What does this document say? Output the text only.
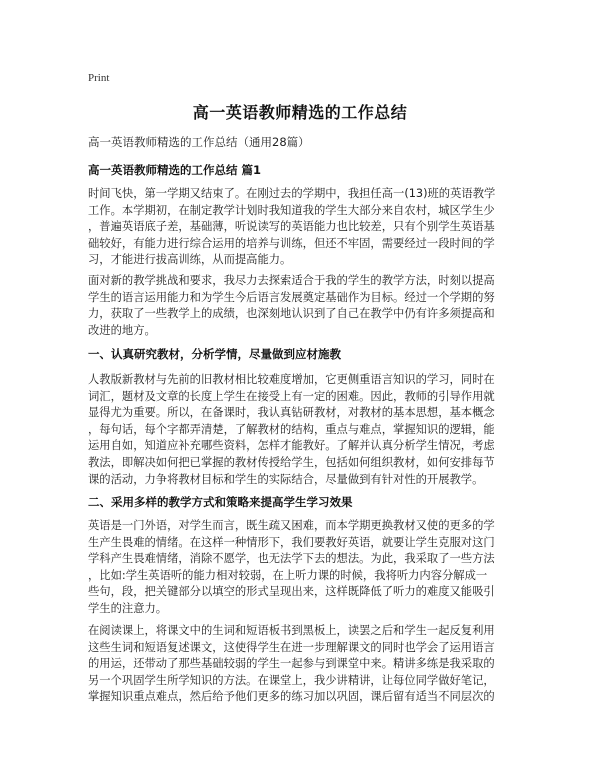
Print
高一英语教师精选的工作总结
高一英语教师精选的工作总结（通用28篇）
高一英语教师精选的工作总结 篇1
时间飞快，第一学期又结束了。在刚过去的学期中，我担任高一(13)班的英语教学
工作。本学期初，在制定教学计划时我知道我的学生大部分来自农村，城区学生少
，普遍英语底子差，基础薄，听说读写的英语能力也比较差，只有个别学生英语基
础较好，有能力进行综合运用的培养与训练，但还不牢固，需要经过一段时间的学
习，才能进行拔高训练，从而提高能力。
面对新的教学挑战和要求，我尽力去探索适合于我的学生的教学方法，时刻以提高
学生的语言运用能力和为学生今后语言发展奠定基础作为目标。经过一个学期的努
力，获取了一些教学上的成绩，也深刻地认识到了自己在教学中仍有许多须提高和
改进的地方。
一、认真研究教材，分析学情，尽量做到应材施教
人教版新教材与先前的旧教材相比较难度增加，它更侧重语言知识的学习，同时在
词汇，题材及文章的长度上学生在接受上有一定的困难。因此，教师的引导作用就
显得尤为重要。所以，在备课时，我认真钻研教材，对教材的基本思想，基本概念
，每句话，每个字都弄清楚，了解教材的结构，重点与难点，掌握知识的逻辑，能
运用自如，知道应补充哪些资料，怎样才能教好。了解并认真分析学生情况，考虑
教法，即解决如何把已掌握的教材传授给学生，包括如何组织教材，如何安排每节
课的活动，力争将教材目标和学生的实际结合，尽量做到有针对性的开展教学。
二、采用多样的教学方式和策略来提高学生学习效果
英语是一门外语，对学生而言，既生疏又困难，而本学期更换教材又使的更多的学
生产生畏难的情绪。在这样一种情形下，我们要教好英语，就要让学生克服对这门
学科产生畏难情绪，消除不愿学，也无法学下去的想法。为此，我采取了一些方法
，比如:学生英语听的能力相对较弱，在上听力课的时候，我将听力内容分解成一
些句，段，把关键部分以填空的形式呈现出来，这样既降低了听力的难度又能吸引
学生的注意力。
在阅读课上，将课文中的生词和短语板书到黑板上，读罢之后和学生一起反复利用
这些生词和短语复述课文，这使得学生在进一步理解课文的同时也学会了运用语言
的用运，还带动了那些基础较弱的学生一起参与到课堂中来。精讲多练是我采取的
另一个巩固学生所学知识的方法。在课堂上，我少讲精讲，让每位同学做好笔记，
掌握知识重点难点，然后给予他们更多的练习加以巩固，课后留有适当不同层次的
